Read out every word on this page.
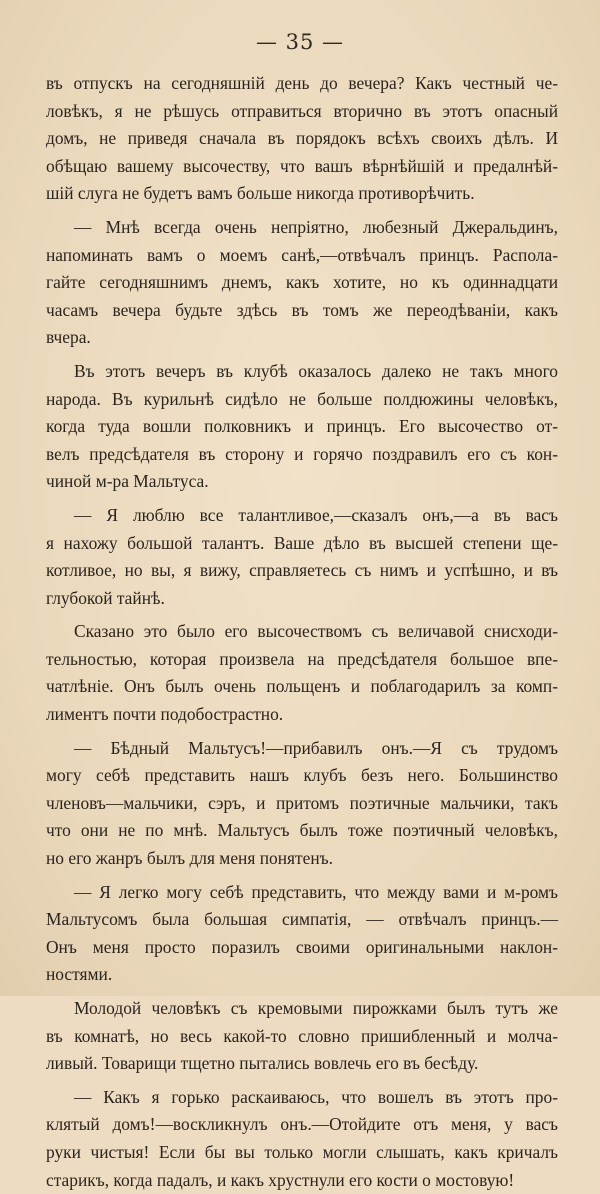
— 35 —
въ отпускъ на сегодняшній день до вечера? Какъ честный че-
ловѣкъ, я не рѣшусь отправиться вторично въ этотъ опасный
домъ, не приведя сначала въ порядокъ всѣхъ своихъ дѣлъ. И
обѣщаю вашему высочеству, что вашъ вѣрнѣйшій и предалнѣй-
шій слуга не будетъ вамъ больше никогда противорѣчить.
— Мнѣ всегда очень непріятно, любезный Джеральдинъ,
напоминать вамъ о моемъ санѣ,—отвѣчалъ принцъ. Распола-
гайте сегодняшнимъ днемъ, какъ хотите, но къ одиннадцати
часамъ вечера будьте здѣсь въ томъ же переодѣваніи, какъ
вчера.
Въ этотъ вечеръ въ клубѣ оказалось далеко не такъ много
народа. Въ курильнѣ сидѣло не больше полдюжины человѣкъ,
когда туда вошли полковникъ и принцъ. Его высочество от-
велъ предсѣдателя въ сторону и горячо поздравилъ его съ кон-
чиной м-ра Мальтуса.
— Я люблю все талантливое,—сказалъ онъ,—а въ васъ
я нахожу большой талантъ. Ваше дѣло въ высшей степени щe-
котливое, но вы, я вижу, справляетесь съ нимъ и успѣшно, и въ
глубокой тайнѣ.
Сказано это было его высочествомъ съ величавой снисходи-
тельностью, которая произвела на предсѣдателя большое впе-
чатлѣніе. Онъ былъ очень польщенъ и поблагодарилъ за комп-
лиментъ почти подобострастно.
— Бѣдный Мальтусъ!—прибавилъ онъ.—Я съ трудомъ
могу себѣ представить нашъ клубъ безъ него. Большинство
членовъ—мальчики, сэръ, и притомъ поэтичные мальчики, такъ
что они не по мнѣ. Мальтусъ былъ тоже поэтичный человѣкъ,
но его жанръ былъ для меня понятенъ.
— Я легко могу себѣ представить, что между вами и м-ромъ
Мальтусомъ была большая симпатія, — отвѣчалъ принцъ.—
Онъ меня просто поразилъ своими оригинальными наклон-
ностями.
Молодой человѣкъ съ кремовыми пирожками былъ тутъ же
въ комнатѣ, но весь какой-то словно пришибленный и молча-
ливый. Товарищи тщетно пытались вовлечь его въ бесѣду.
— Какъ я горько раскаиваюсь, что вошелъ въ этотъ про-
клятый домъ!—воскликнулъ онъ.—Отойдите отъ меня, у васъ
руки чистыя! Если бы вы только могли слышать, какъ кричалъ
старикъ, когда падалъ, и какъ хрустнули его кости о мостовую!
